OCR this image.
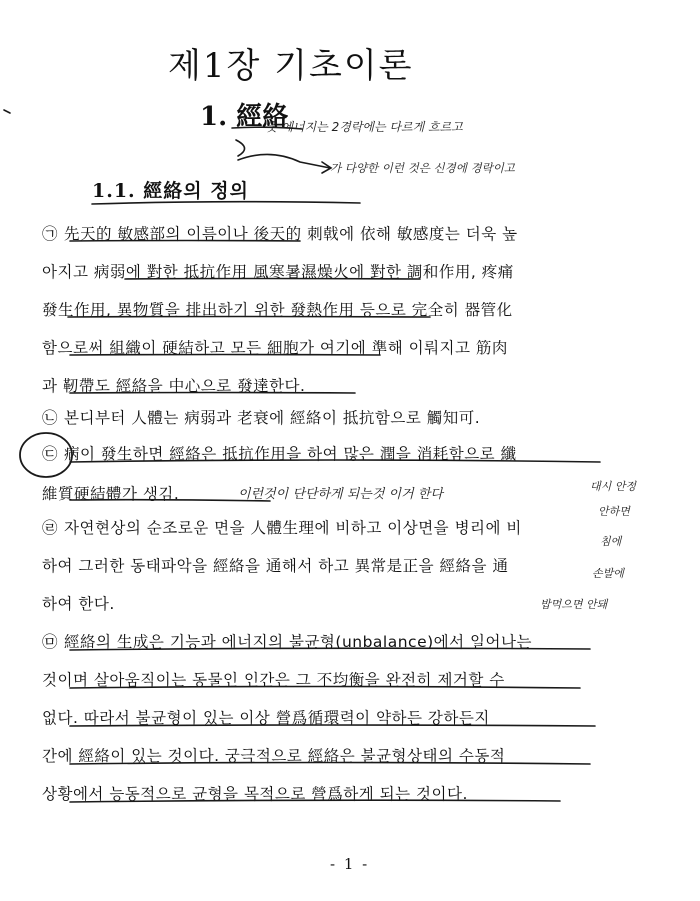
제1장 기초이론
1. 經絡
1.1. 經絡의 정의
촛 에너지는 2경락에는 다르게 흐르고
가 다양한 이런 것은 신경에 경락이고
이런것이 단단하게 되는것 이거 한다
대시 안정
안하면
침에
손발에
밥먹으면 안돼
㉠ 先天的 敏感部의 이름이나 後天的 刺戟에 依해 敏感度는 더욱 높
아지고 病弱에 對한 抵抗作用 風寒暑濕燥火에 對한 調和作用, 疼痛
發生作用, 異物質을 排出하기 위한 發熱作用 등으로 完全히 器管化
함으로써 組織이 硬結하고 모든 細胞가 여기에 準해 이뤄지고 筋肉
과 靭帶도 經絡을 中心으로 發達한다.
㉡ 본디부터 人體는 病弱과 老衰에 經絡이 抵抗함으로 觸知可.
㉢ 病이 發生하면 經絡은 抵抗作用을 하여 많은 潤을 消耗함으로 纖
維質硬結體가 생김.
㉣ 자연현상의 순조로운 면을 人體生理에 비하고 이상면을 병리에 비
하여 그러한 동태파악을 經絡을 通해서 하고 異常是正을 經絡을 通
하여 한다.
㉤ 經絡의 生成은 기능과 에너지의 불균형(unbalance)에서 일어나는
것이며 살아움직이는 동물인 인간은 그 不均衡을 완전히 제거할 수
없다. 따라서 불균형이 있는 이상 營爲循環력이 약하든 강하든지
간에 經絡이 있는 것이다. 궁극적으로 經絡은 불균형상태의 수동적
상황에서 능동적으로 균형을 목적으로 營爲하게 되는 것이다.
- 1 -
